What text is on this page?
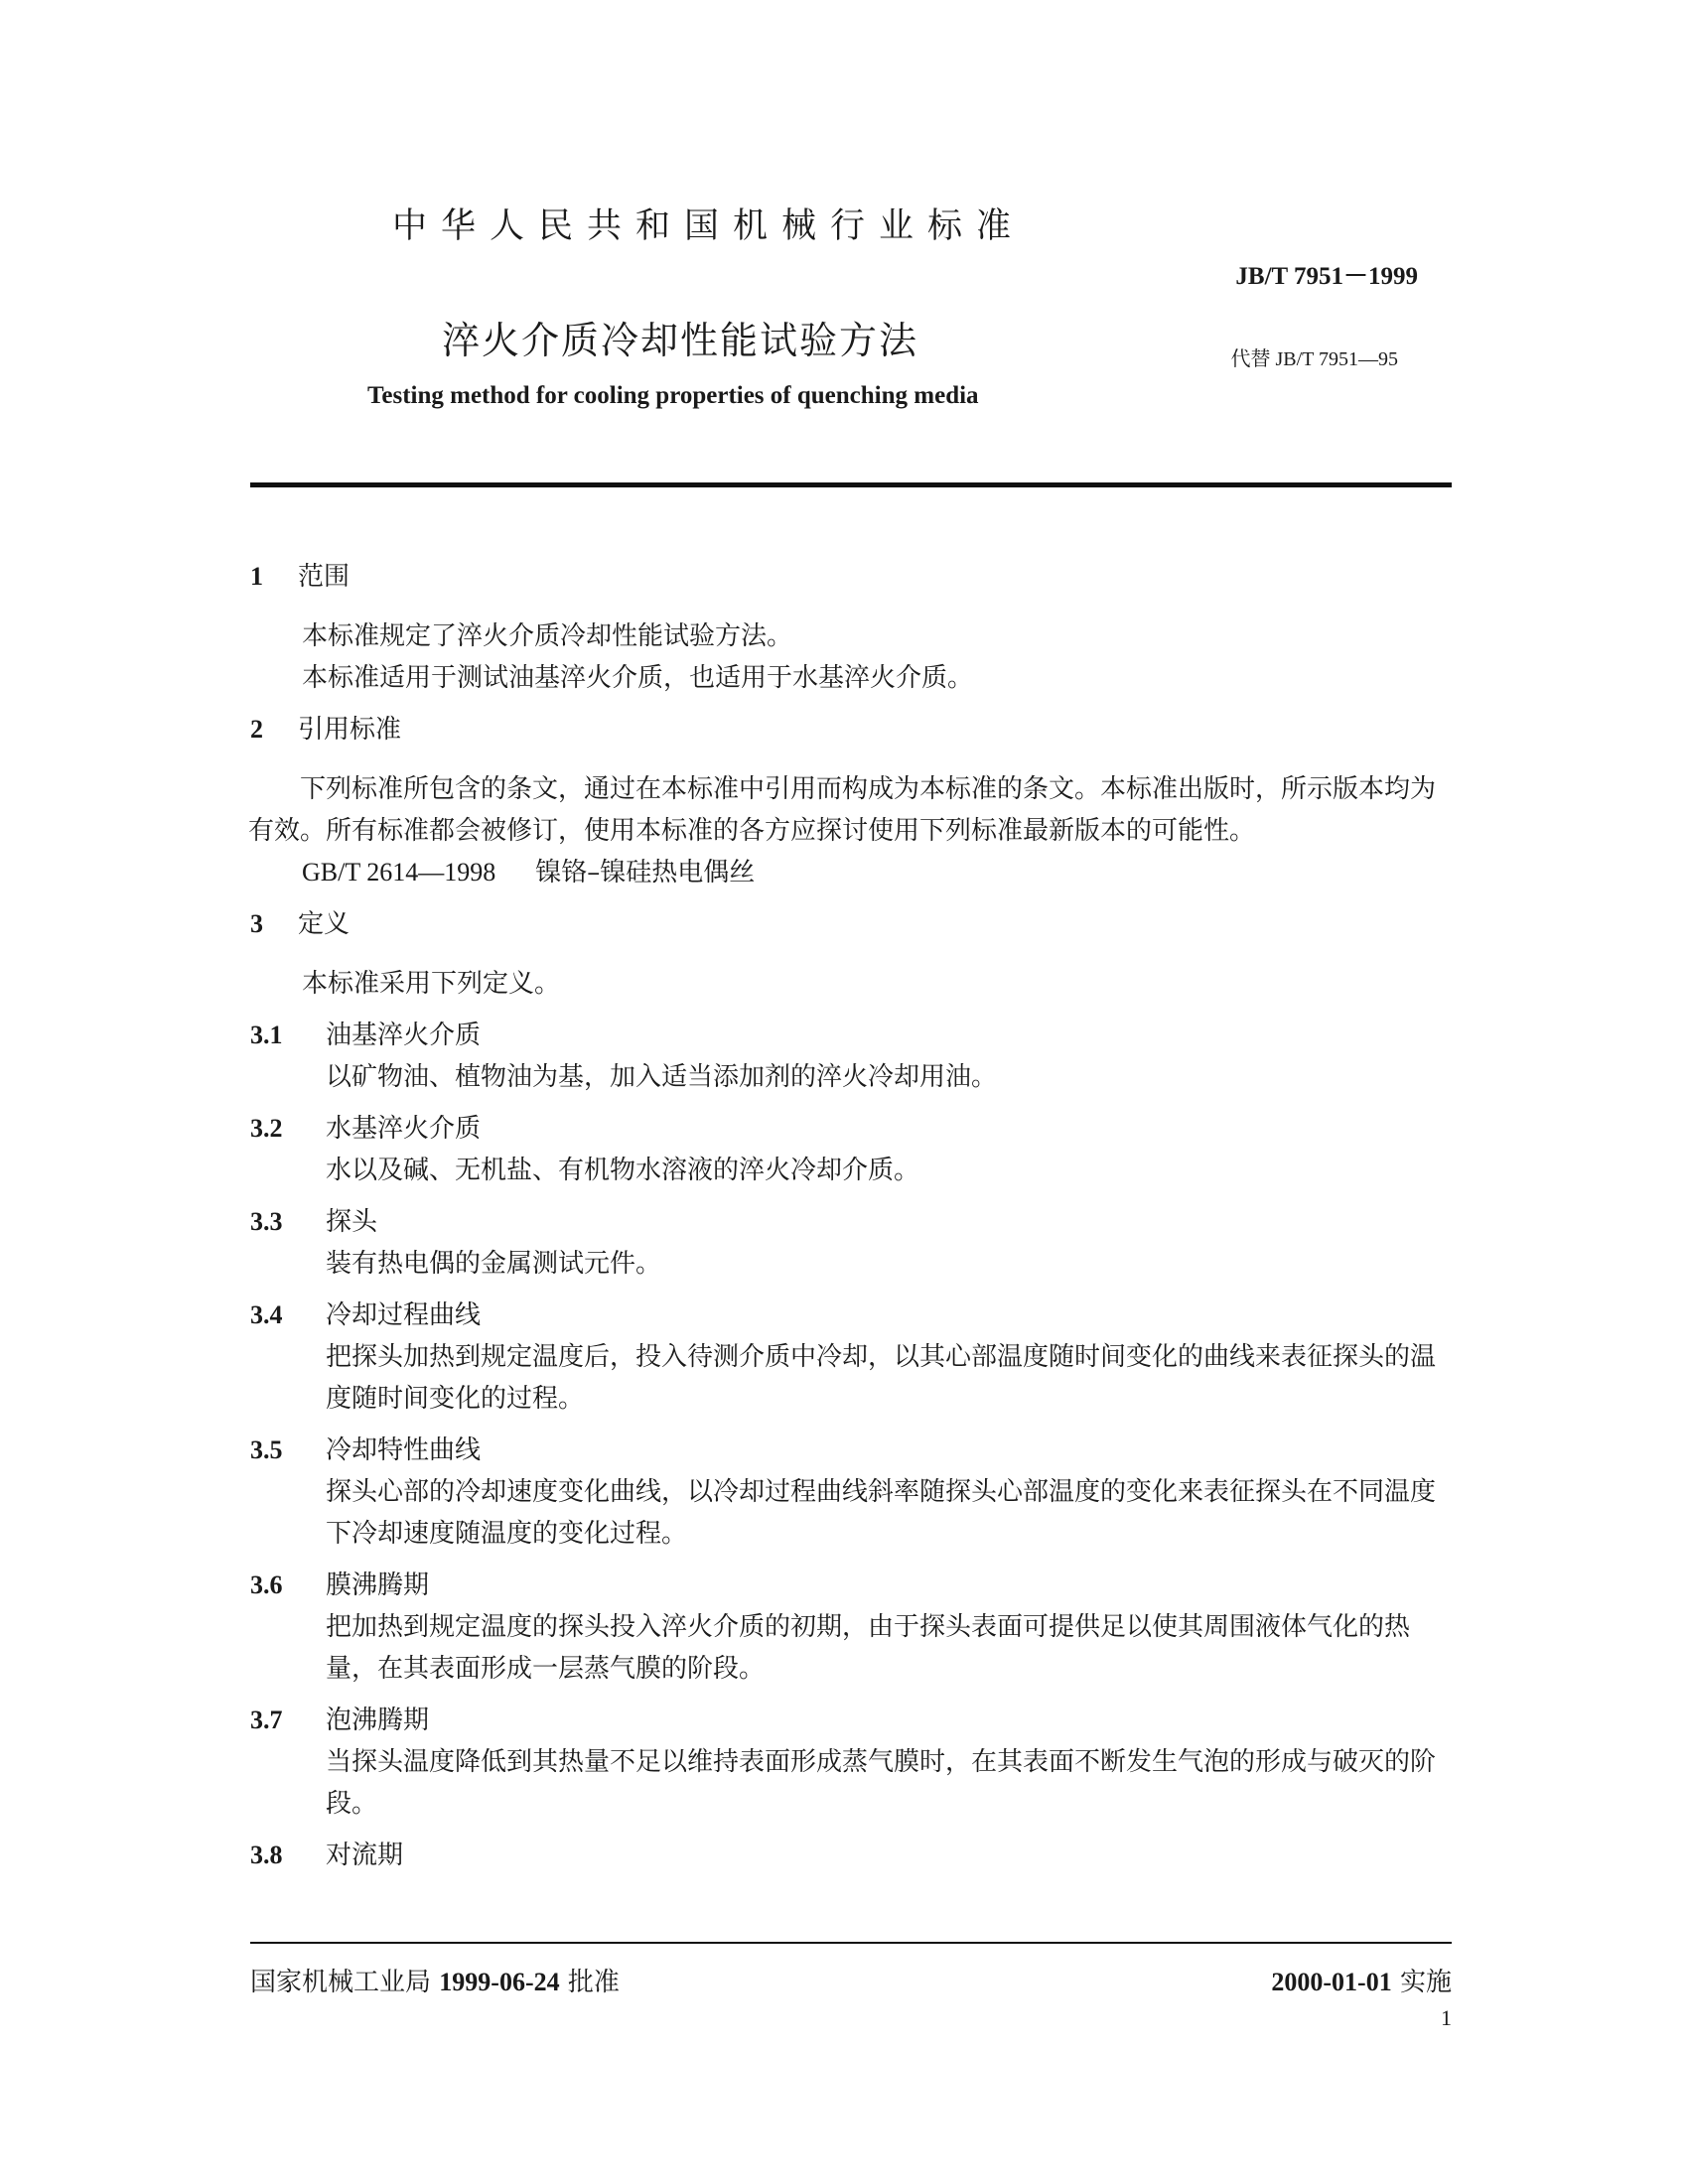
中华人民共和国机械行业标准
JB/T 7951－1999
淬火介质冷却性能试验方法	代替 JB/T 7951—95
Testing method for cooling properties of quenching media
1 范围

本标准规定了淬火介质冷却性能试验方法。

本标准适用于测试油基淬火介质，也适用于水基淬火介质。

2 引用标准

下列标准所包含的条文，通过在本标准中引用而构成为本标准的条文。本标准出版时，所示版本均为有效。所有标准都会被修订，使用本标准的各方应探讨使用下列标准最新版本的可能性。

GB/T 2614—1998 镍铬–镍硅热电偶丝
3 定义

本标准采用下列定义。

3.1 油基淬火介质
以矿物油、植物油为基，加入适当添加剂的淬火冷却用油。
3.2 水基淬火介质
水以及碱、无机盐、有机物水溶液的淬火冷却介质。
3.3 探头
装有热电偶的金属测试元件。
3.4 冷却过程曲线
把探头加热到规定温度后，投入待测介质中冷却，以其心部温度随时间变化的曲线来表征探头的温度随时间变化的过程。
3.5 冷却特性曲线
探头心部的冷却速度变化曲线，以冷却过程曲线斜率随探头心部温度的变化来表征探头在不同温度下冷却速度随温度的变化过程。
3.6 膜沸腾期
把加热到规定温度的探头投入淬火介质的初期，由于探头表面可提供足以使其周围液体气化的热量，在其表面形成一层蒸气膜的阶段。
3.7 泡沸腾期
当探头温度降低到其热量不足以维持表面形成蒸气膜时，在其表面不断发生气泡的形成与破灭的阶段。
3.8 对流期
国家机械工业局 1999-06-24 批准	2000-01-01 实施
1
